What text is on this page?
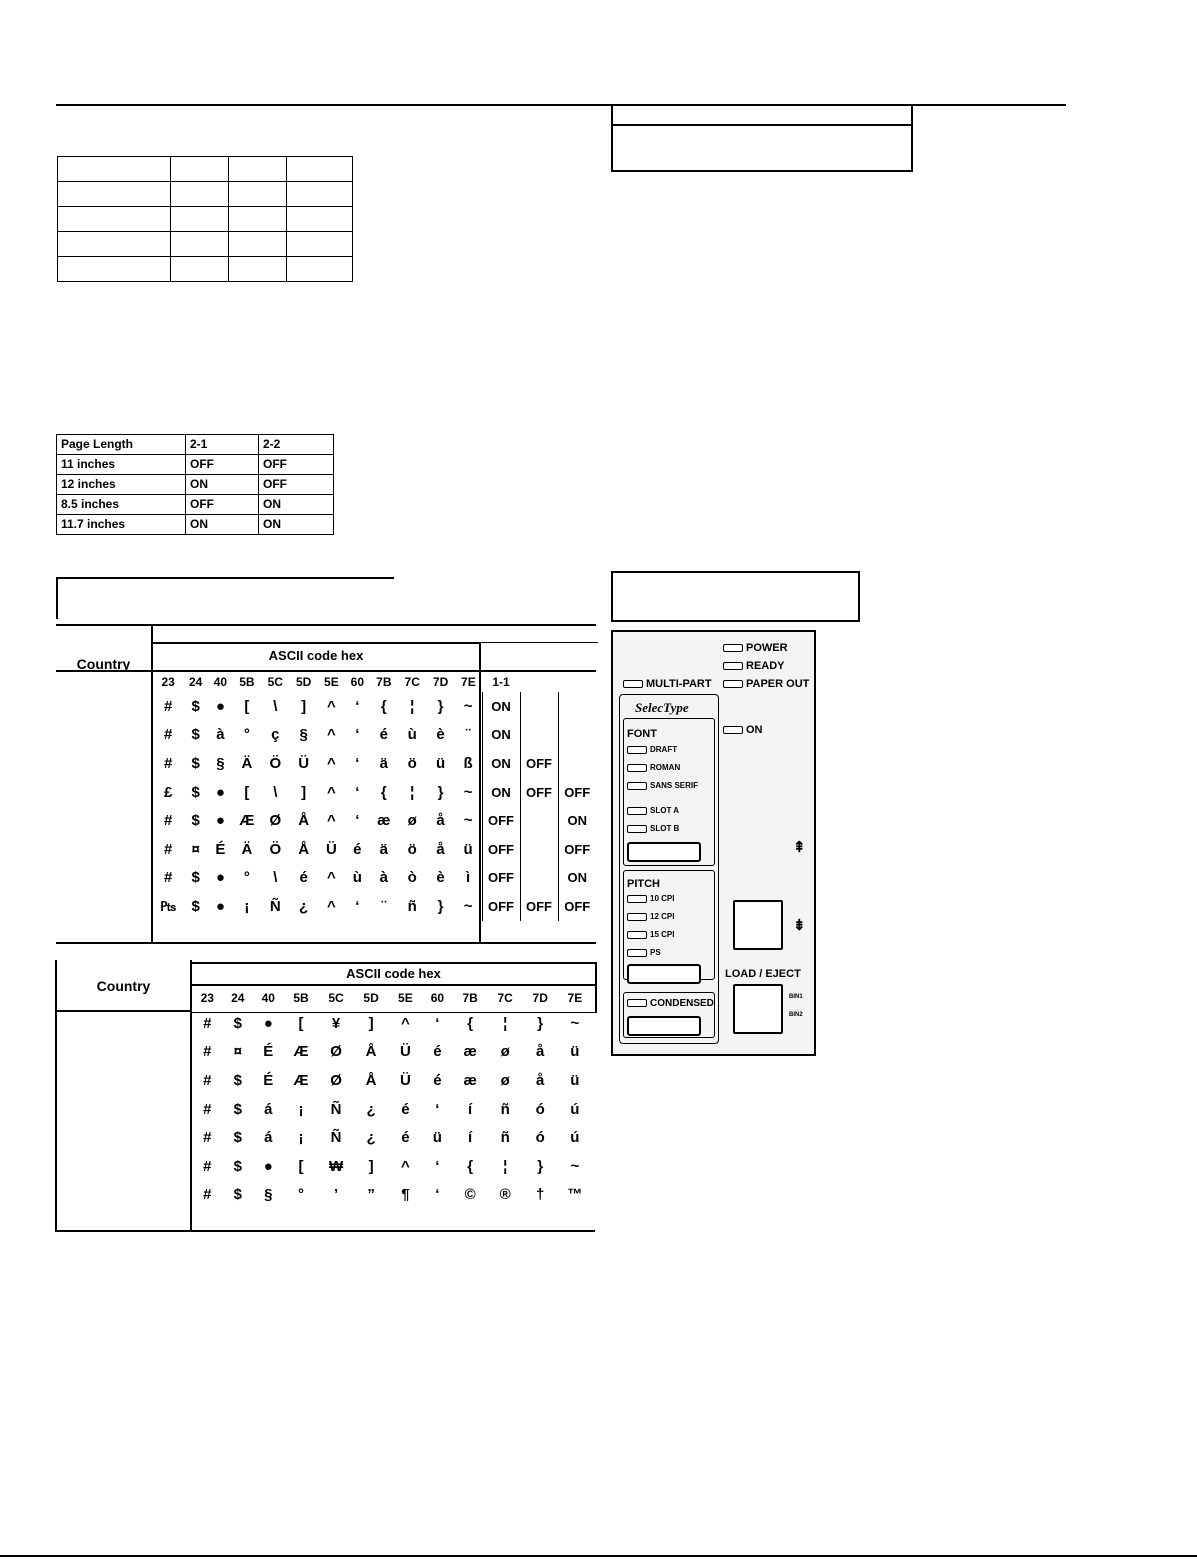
Page Length	2-1	2-2
11 inches	OFF	OFF
12 inches	ON	OFF
8.5 inches	OFF	ON
11.7 inches	ON	ON
Country
ASCII code hex
23	24	40	5B	5C	5D	5E	60	7B	7C	7D	7E	1-1		
#	$	●	[	\	]	^	‘	{	¦	}	~	ON		
#	$	à	°	ç	§	^	‘	é	ù	è	¨	ON		
#	$	§	Ä	Ö	Ü	^	‘	ä	ö	ü	ß	ON	OFF	
£	$	●	[	\	]	^	‘	{	¦	}	~	ON	OFF	OFF
#	$	●	Æ	Ø	Å	^	‘	æ	ø	å	~	OFF		ON
#	¤	É	Ä	Ö	Å	Ü	é	ä	ö	å	ü	OFF		OFF
#	$	●	°	\	é	^	ù	à	ò	è	ì	OFF		ON
₧	$	●	¡	Ñ	¿	^	‘	¨	ñ	}	~	OFF	OFF	OFF
Country
ASCII code hex
23	24	40	5B	5C	5D	5E	60	7B	7C	7D	7E
#	$	●	[	¥	]	^	‘	{	¦	}	~
#	¤	É	Æ	Ø	Å	Ü	é	æ	ø	å	ü
#	$	É	Æ	Ø	Å	Ü	é	æ	ø	å	ü
#	$	á	¡	Ñ	¿	é	‘	í	ñ	ó	ú
#	$	á	¡	Ñ	¿	é	ü	í	ñ	ó	ú
#	$	●	[	₩	]	^	‘	{	¦	}	~
#	$	§	°	’	”	¶	‘	©	®	†	™
POWER
READY
PAPER OUT
MULTI-PART
SelecType
ON
FONT
DRAFT
ROMAN
SANS SERIF
SLOT A
SLOT B
PITCH
10 CPI
12 CPI
15 CPI
PS
CONDENSED
⇞
⇟
LOAD / EJECT
BIN1
BIN2
